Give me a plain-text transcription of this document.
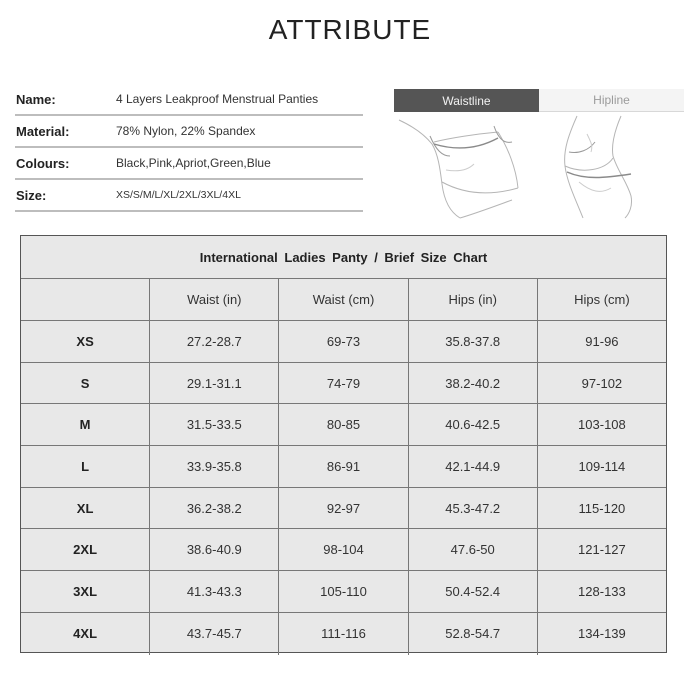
ATTRIBUTE
Name:	4 Layers Leakproof Menstrual Panties
Material:	78% Nylon, 22% Spandex
Colours:	Black,Pink,Apriot,Green,Blue
Size:	XS/S/M/L/XL/2XL/3XL/4XL
Waistline	Hipline
International Ladies Panty / Brief Size Chart
Waist (in)	Waist (cm)	Hips (in)	Hips (cm)
XS	27.2-28.7	69-73	35.8-37.8	91-96
S	29.1-31.1	74-79	38.2-40.2	97-102
M	31.5-33.5	80-85	40.6-42.5	103-108
L	33.9-35.8	86-91	42.1-44.9	109-114
XL	36.2-38.2	92-97	45.3-47.2	115-120
2XL	38.6-40.9	98-104	47.6-50	121-127
3XL	41.3-43.3	105-110	50.4-52.4	128-133
4XL	43.7-45.7	111-116	52.8-54.7	134-139
